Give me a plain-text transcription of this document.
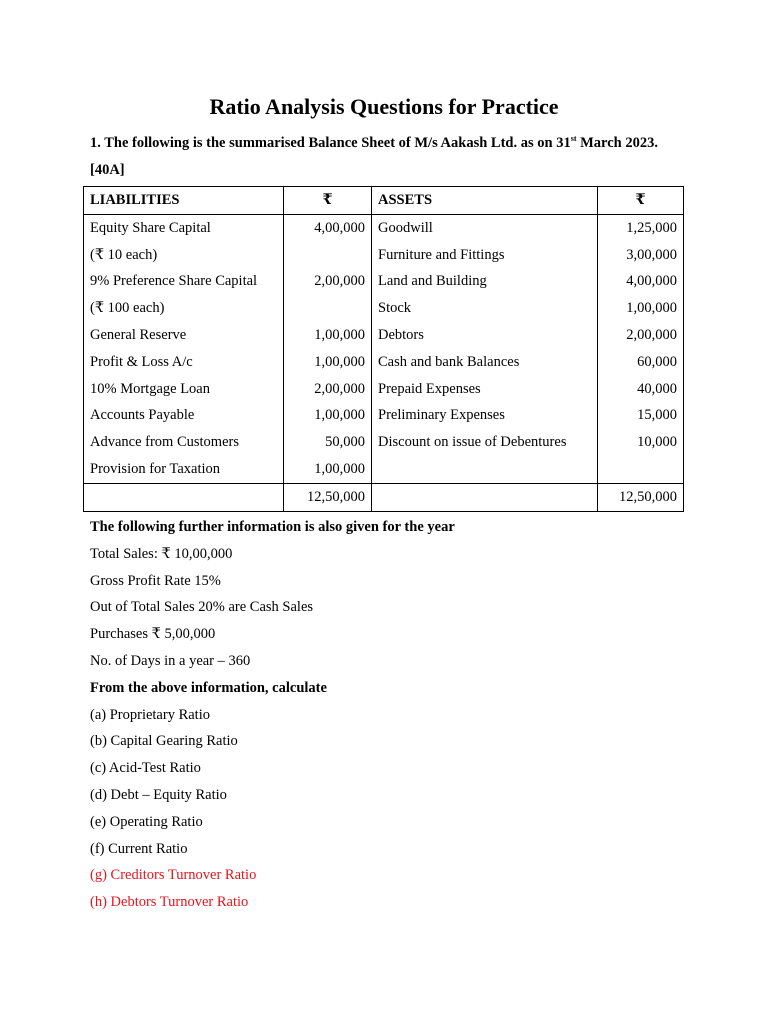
Ratio Analysis Questions for Practice

1. The following is the summarised Balance Sheet of M/s Aakash Ltd. as on 31st March 2023. [40A]

LIABILITIES	₹	ASSETS	₹
Equity Share Capital	4,00,000	Goodwill	1,25,000
(₹ 10 each)		Furniture and Fittings	3,00,000
9% Preference Share Capital	2,00,000	Land and Building	4,00,000
(₹ 100 each)		Stock	1,00,000
General Reserve	1,00,000	Debtors	2,00,000
Profit & Loss A/c	1,00,000	Cash and bank Balances	60,000
10% Mortgage Loan	2,00,000	Prepaid Expenses	40,000
Accounts Payable	1,00,000	Preliminary Expenses	15,000
Advance from Customers	50,000	Discount on issue of Debentures	10,000
Provision for Taxation	1,00,000		
	12,50,000		12,50,000
The following further information is also given for the year
Total Sales: ₹ 10,00,000
Gross Profit Rate 15%
Out of Total Sales 20% are Cash Sales
Purchases ₹ 5,00,000
No. of Days in a year – 360
From the above information, calculate
(a) Proprietary Ratio
(b) Capital Gearing Ratio
(c) Acid-Test Ratio
(d) Debt – Equity Ratio
(e) Operating Ratio
(f) Current Ratio
(g) Creditors Turnover Ratio
(h) Debtors Turnover Ratio
